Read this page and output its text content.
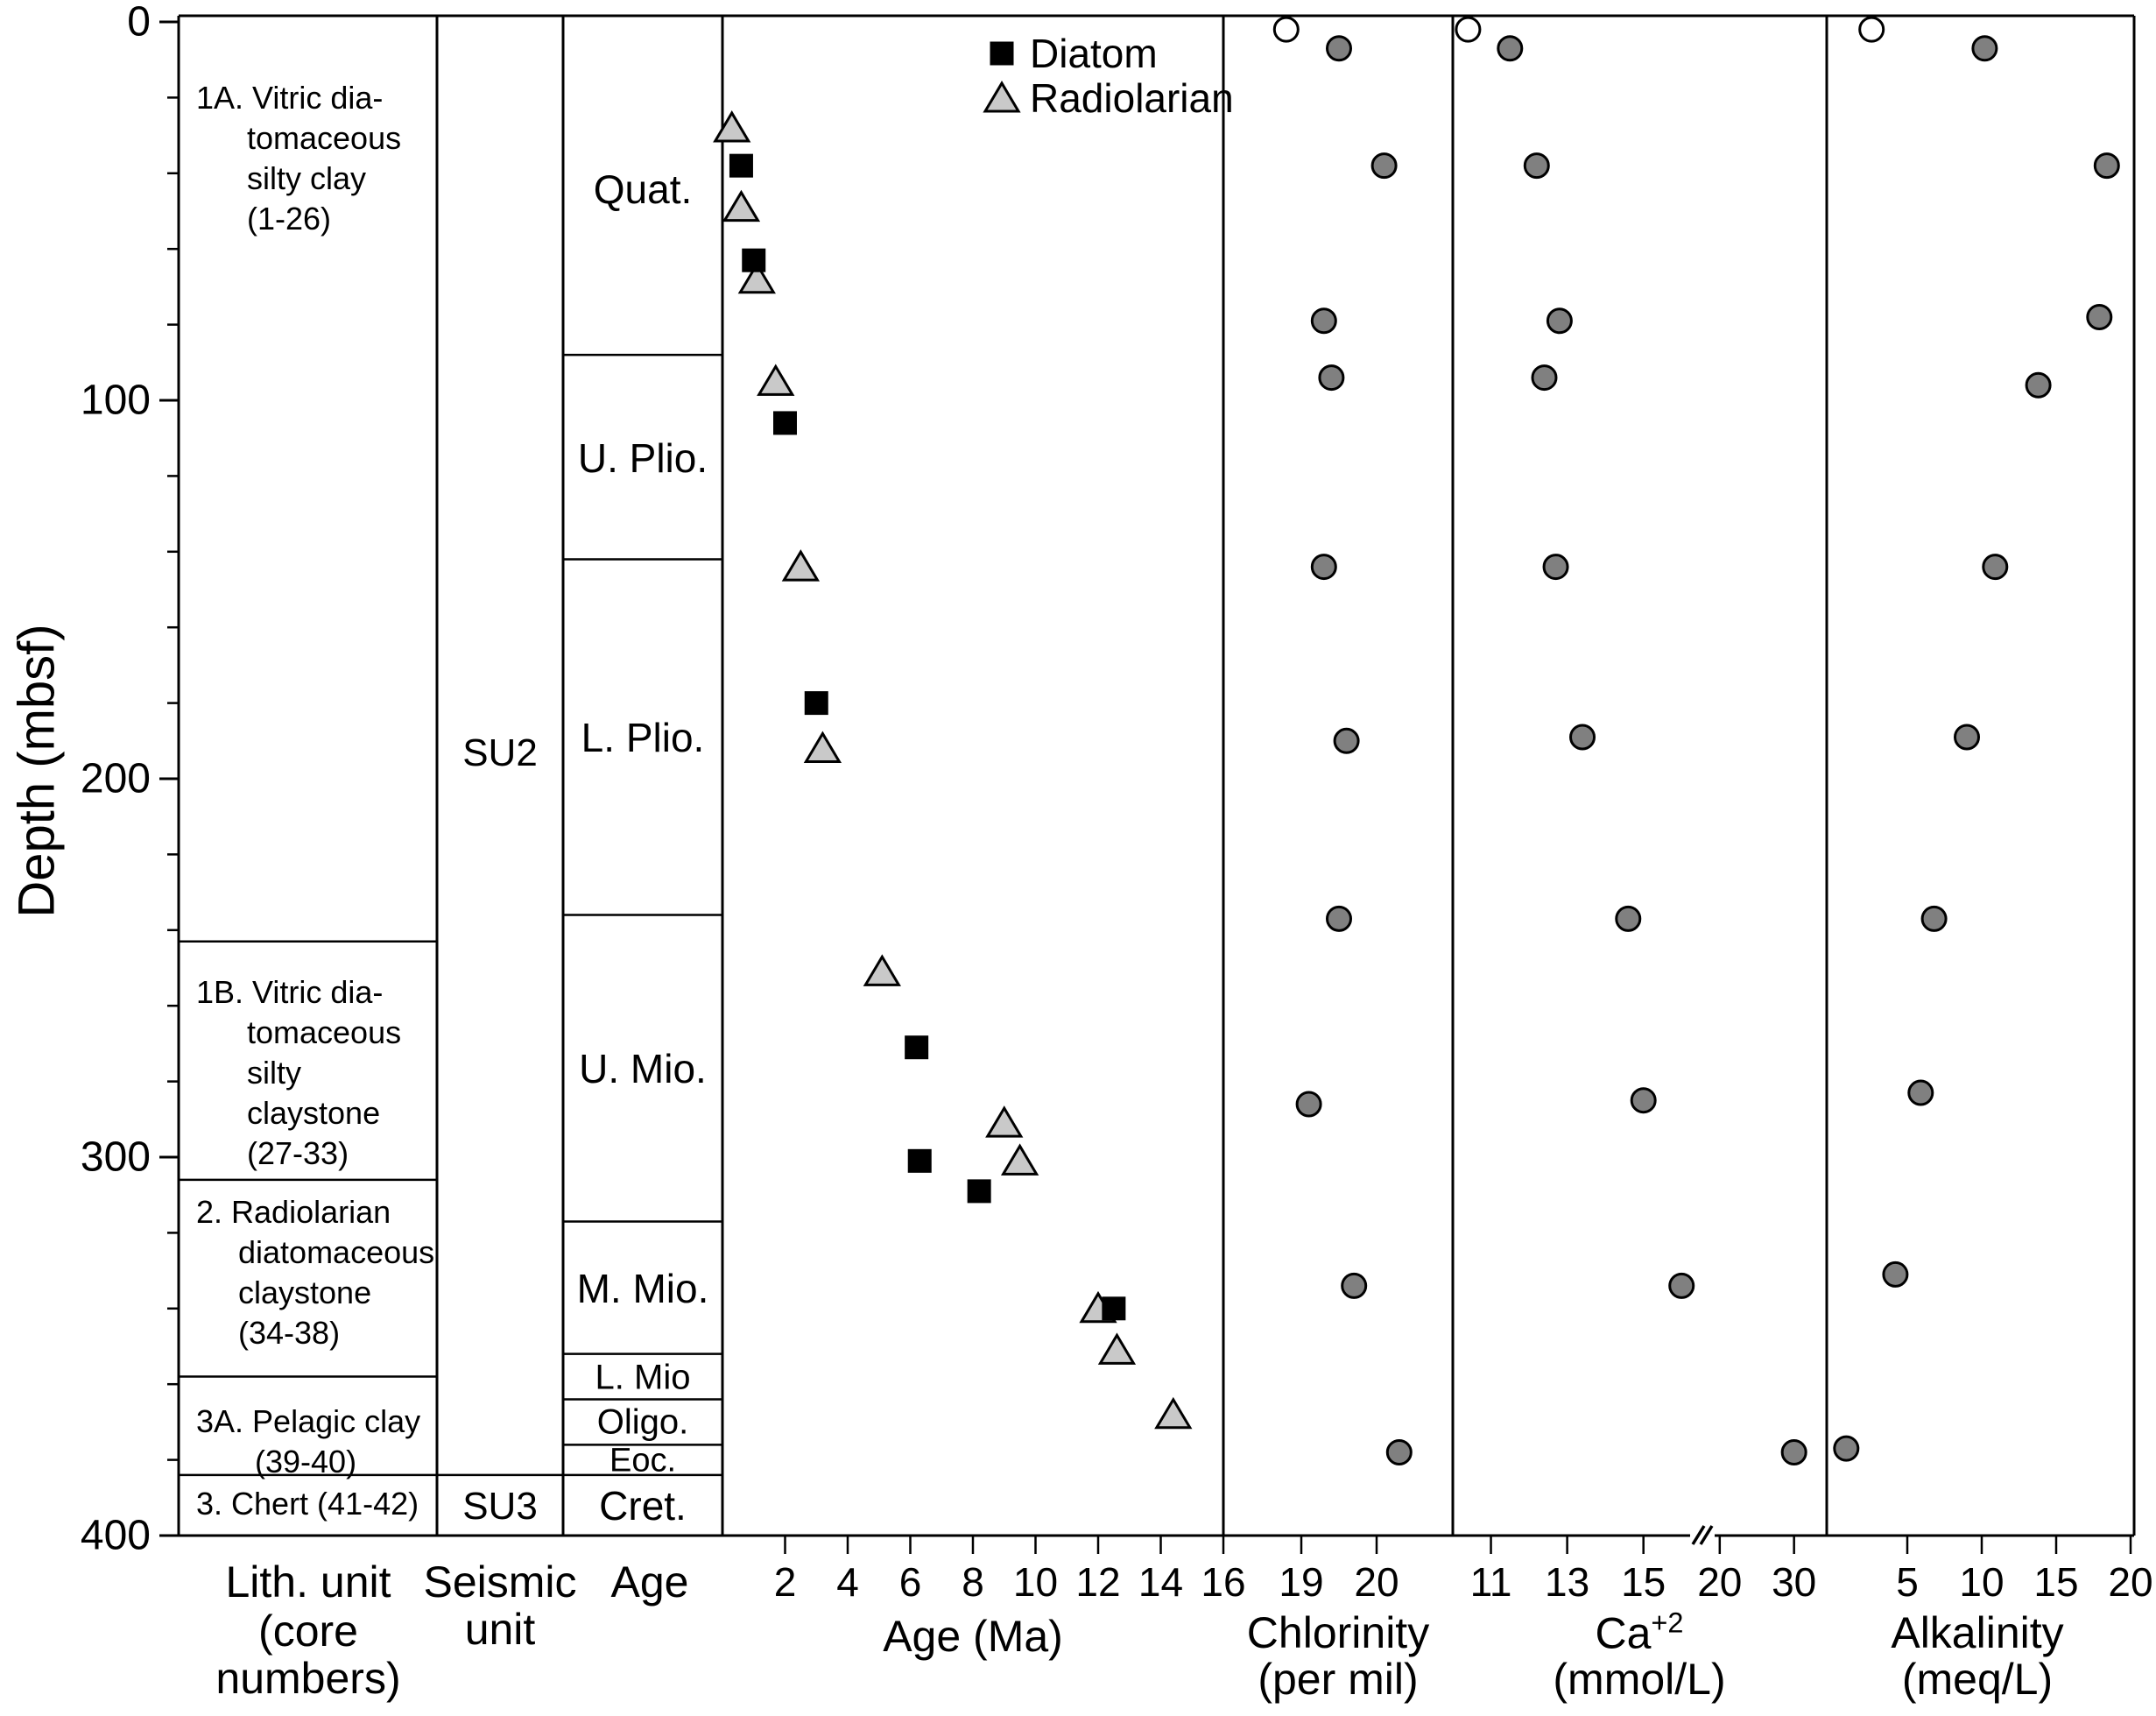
Depth (mbsf)
Diatom
Radiolarian
Lith. unit
(core
numbers)
Seismic
unit
Age
Age (Ma)	Chlorinity
(per mil)
$Ca^{+2}$
(mmol/L)
Alkalinity
(meq/L)
0
100
200
300
400
1A. Vitric dia-
tomaceous
silty clay
(1-26)
1B. Vitric dia-
tomaceous
silty
claystone
(27-33)
2. Radiolarian
diatomaceous
claystone
(34-38)
3A. Pelagic clay
(39-40)
3. Chert (41-42)
SU2
SU3
Quat.
U. Plio.
L. Plio.
U. Mio.
M. Mio.
L. Mio
Oligo.
Eoc.
Cret.
2 4 6 8 10 12 14 16 19 20 11 13 15 20 30 5 10 15 20
